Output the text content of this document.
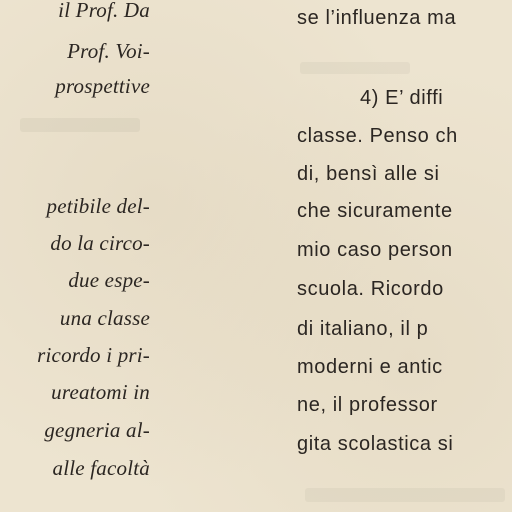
il Prof. Da
Prof. Voi-
prospettive
petibile del-
do la circo-
due espe-
una classe
ricordo i pri-
ureatomi in
gegneria al-
alle facoltà
se l’influenza ma
4) E’ diffi
classe. Penso ch
di, bensì alle si
che sicuramente
mio caso person
scuola. Ricordo
di italiano, il p
moderni e antic
ne, il professor
gita scolastica si
